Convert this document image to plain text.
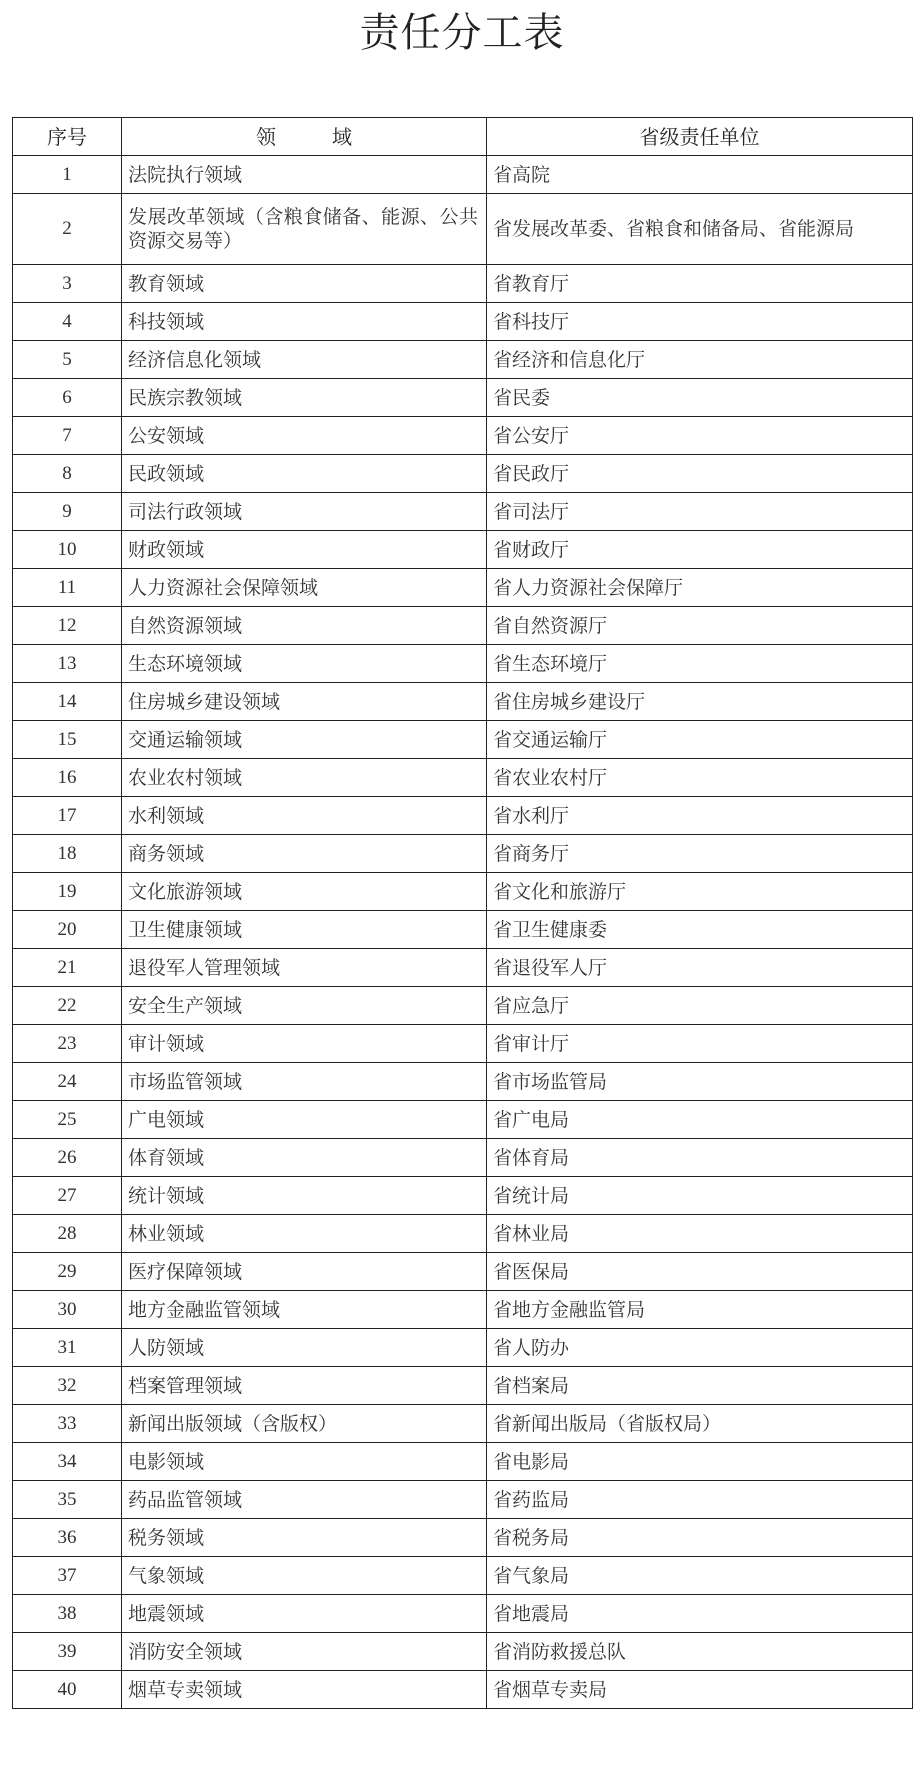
责任分工表
序号	领　域	省级责任单位
1	法院执行领域	省高院
2	发展改革领域（含粮食储备、能源、公共资源交易等）	省发展改革委、省粮食和储备局、省能源局
3	教育领域	省教育厅
4	科技领域	省科技厅
5	经济信息化领域	省经济和信息化厅
6	民族宗教领域	省民委
7	公安领域	省公安厅
8	民政领域	省民政厅
9	司法行政领域	省司法厅
10	财政领域	省财政厅
11	人力资源社会保障领域	省人力资源社会保障厅
12	自然资源领域	省自然资源厅
13	生态环境领域	省生态环境厅
14	住房城乡建设领域	省住房城乡建设厅
15	交通运输领域	省交通运输厅
16	农业农村领域	省农业农村厅
17	水利领域	省水利厅
18	商务领域	省商务厅
19	文化旅游领域	省文化和旅游厅
20	卫生健康领域	省卫生健康委
21	退役军人管理领域	省退役军人厅
22	安全生产领域	省应急厅
23	审计领域	省审计厅
24	市场监管领域	省市场监管局
25	广电领域	省广电局
26	体育领域	省体育局
27	统计领域	省统计局
28	林业领域	省林业局
29	医疗保障领域	省医保局
30	地方金融监管领域	省地方金融监管局
31	人防领域	省人防办
32	档案管理领域	省档案局
33	新闻出版领域（含版权）	省新闻出版局（省版权局）
34	电影领域	省电影局
35	药品监管领域	省药监局
36	税务领域	省税务局
37	气象领域	省气象局
38	地震领域	省地震局
39	消防安全领域	省消防救援总队
40	烟草专卖领域	省烟草专卖局
